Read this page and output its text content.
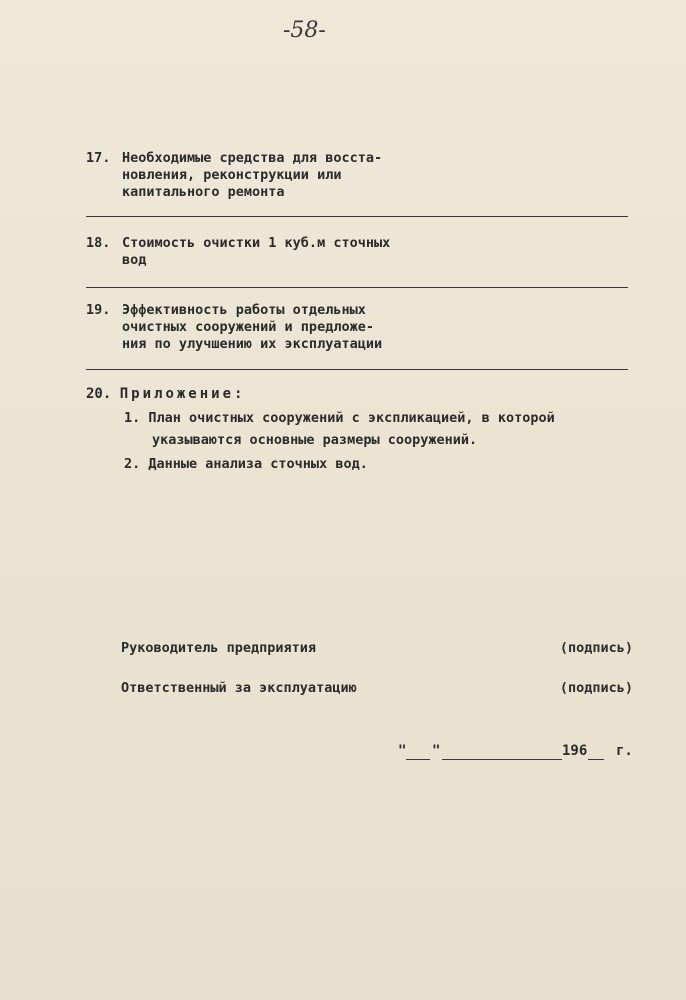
-58-
17. Необходимые средства для восста-
новления, реконструкции или
капитального ремонта
18. Стоимость очистки 1 куб.м сточных
вод
19. Эффективность работы отдельных
очистных сооружений и предложе-
ния по улучшению их эксплуатации
20. Приложение:
1. План очистных сооружений с экспликацией, в которой
указываются основные размеры сооружений.
2. Данные анализа сточных вод.
Руководитель предприятия	(подпись)
Ответственный за эксплуатацию	(подпись)
" "	196 г.
